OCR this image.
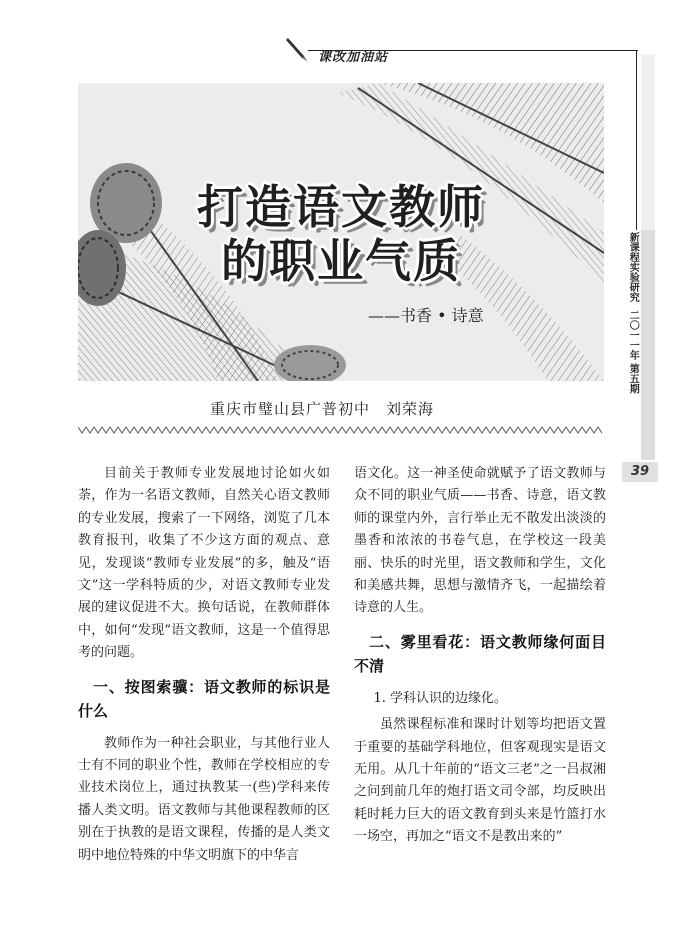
课改加油站
打造语文教师
的职业气质
——书香 • 诗意
重庆市璧山县广普初中　刘荣海
新课程实验研究
二〇一一年 第五期
39

目前关于教师专业发展地讨论如火如荼，作为一名语文教师，自然关心语文教师的专业发展，搜索了一下网络，浏览了几本教育报刊，收集了不少这方面的观点、意见，发现谈“教师专业发展”的多，触及“语文”这一学科特质的少，对语文教师专业发展的建议促进不大。换句话说，在教师群体中，如何“发现”语文教师，这是一个值得思考的问题。

一、按图索骥：语文教师的标识是什么

教师作为一种社会职业，与其他行业人士有不同的职业个性，教师在学校相应的专业技术岗位上，通过执教某一(些)学科来传播人类文明。语文教师与其他课程教师的区别在于执教的是语文课程，传播的是人类文明中地位特殊的中华文明旗下的中华言

语文化。这一神圣使命就赋予了语文教师与众不同的职业气质——书香、诗意，语文教师的课堂内外，言行举止无不散发出淡淡的墨香和浓浓的书卷气息，在学校这一段美丽、快乐的时光里，语文教师和学生，文化和美感共舞，思想与激情齐飞，一起描绘着诗意的人生。

二、雾里看花：语文教师缘何面目不清

1. 学科认识的边缘化。

虽然课程标准和课时计划等均把语文置于重要的基础学科地位，但客观现实是语文无用。从几十年前的“语文三老”之一吕叔湘之问到前几年的炮打语文司令部，均反映出耗时耗力巨大的语文教育到头来是竹篮打水一场空，再加之“语文不是教出来的”
